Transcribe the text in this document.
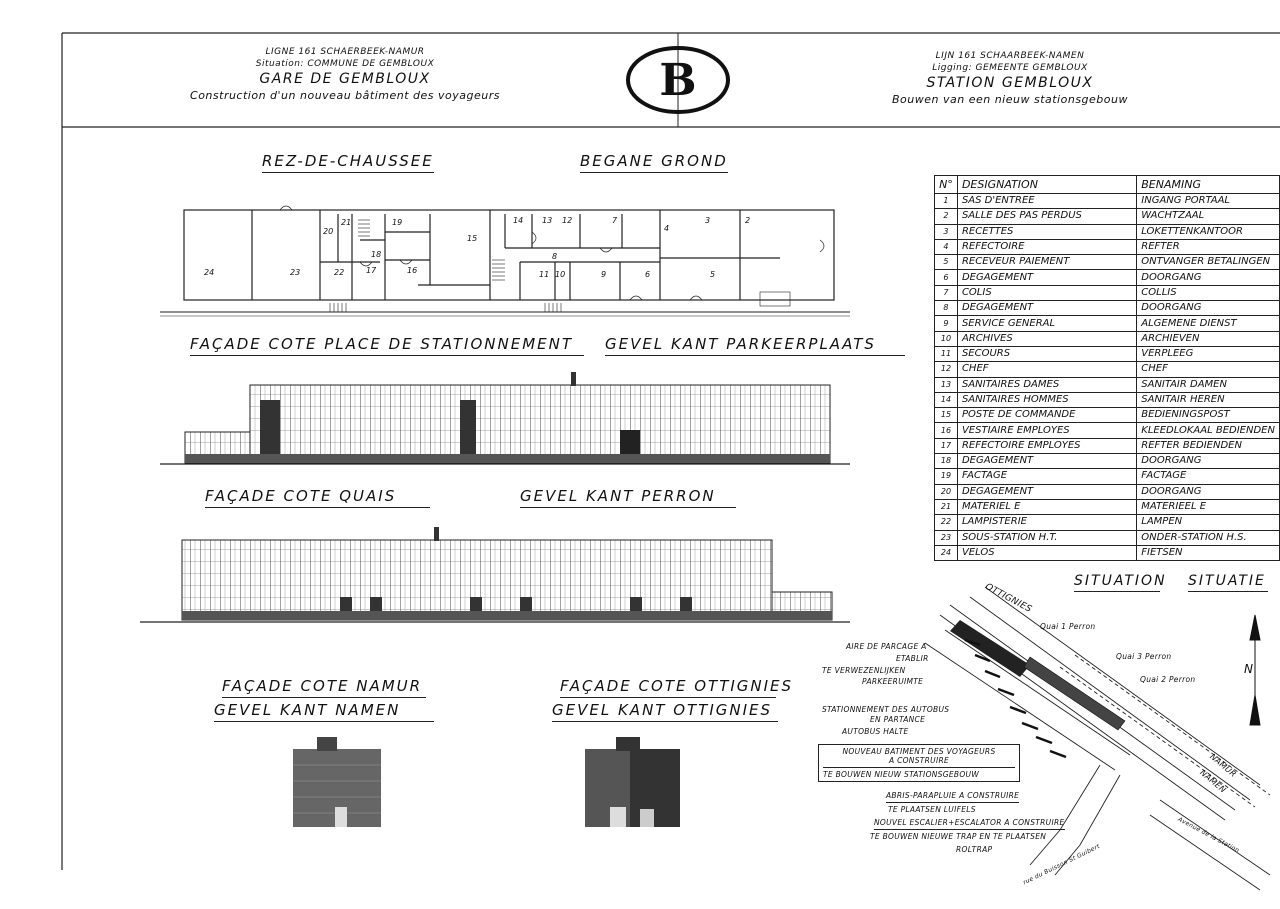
LIGNE 161 SCHAERBEEK-NAMUR
Situation: COMMUNE DE GEMBLOUX
GARE DE GEMBLOUX
Construction d'un nouveau bâtiment des voyageurs	B	LIJN 161 SCHAARBEEK-NAMEN
Ligging: GEMEENTE GEMBLOUX
STATION GEMBLOUX
Bouwen van een nieuw stationsgebouw
REZ-DE-CHAUSSEE	BEGANE GROND
24	23	22
20
21
18
17
19
16
15
14 13 12
8
11 10	9
7
6
4
3
5
2
FAÇADE COTE PLACE DE STATIONNEMENT	GEVEL KANT PARKEERPLAATS
FAÇADE COTE QUAIS	GEVEL KANT PERRON
FAÇADE COTE NAMUR
GEVEL KANT NAMEN
FAÇADE COTE OTTIGNIES
GEVEL KANT OTTIGNIES
N°	DESIGNATION	BENAMING
1	SAS D'ENTREE	INGANG PORTAAL
2	SALLE DES PAS PERDUS	WACHTZAAL
3	RECETTES	LOKETTENKANTOOR
4	REFECTOIRE	REFTER
5	RECEVEUR PAIEMENT	ONTVANGER BETALINGEN
6	DEGAGEMENT	DOORGANG
7	COLIS	COLLIS
8	DEGAGEMENT	DOORGANG
9	SERVICE GENERAL	ALGEMENE DIENST
10	ARCHIVES	ARCHIEVEN
11	SECOURS	VERPLEEG
12	CHEF	CHEF
13	SANITAIRES DAMES	SANITAIR DAMEN
14	SANITAIRES HOMMES	SANITAIR HEREN
15	POSTE DE COMMANDE	BEDIENINGSPOST
16	VESTIAIRE EMPLOYES	KLEEDLOKAAL BEDIENDEN
17	REFECTOIRE EMPLOYES	REFTER BEDIENDEN
18	DEGAGEMENT	DOORGANG
19	FACTAGE	FACTAGE
20	DEGAGEMENT	DOORGANG
21	MATERIEL E	MATERIEEL E
22	LAMPISTERIE	LAMPEN
23	SOUS-STATION H.T.	ONDER-STATION H.S.
24	VELOS	FIETSEN
SITUATION SITUATIE
N
OTTIGNIES
Quai 1 Perron
Quai 3 Perron
Quai 2 Perron
AIRE DE PARCAGE A
ETABLIR
TE VERWEZENLIJKEN
PARKEERUIMTE
STATIONNEMENT DES AUTOBUS
EN PARTANCE
AUTOBUS HALTE
NOUVEAU BATIMENT DES VOYAGEURS
A CONSTRUIRE
TE BOUWEN NIEUW STATIONSGEBOUW
ABRIS-PARAPLUIE A CONSTRUIRE
TE PLAATSEN LUIFELS
NOUVEL ESCALIER+ESCALATOR A CONSTRUIRE
TE BOUWEN NIEUWE TRAP EN TE PLAATSEN
ROLTRAP
NAMUR
NAMEN
Avenue de la Station
rue du Buisson St Guibert
